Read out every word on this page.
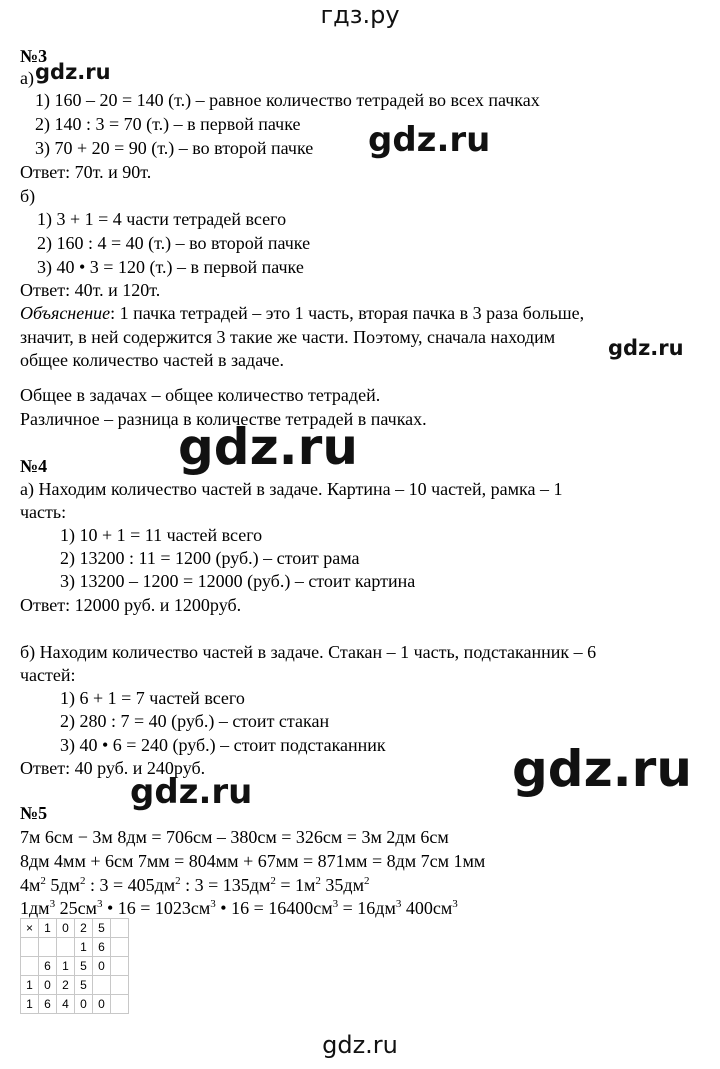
гдз.ру
№3
а) gdz.ru
1) 160 – 20 = 140 (т.) – равное количество тетрадей во всех пачках
2) 140 : 3 = 70 (т.) – в первой пачке
3) 70 + 20 = 90 (т.) – во второй пачке gdz.ru
Ответ: 70т. и 90т.
б)
1) 3 + 1 = 4 части тетрадей всего
2) 160 : 4 = 40 (т.) – во второй пачке
3) 40 • 3 = 120 (т.) – в первой пачке
Ответ: 40т. и 120т.
Объяснение: 1 пачка тетрадей – это 1 часть, вторая пачка в 3 раза больше,
значит, в ней содержится 3 такие же части. Поэтому, сначала находим
общее количество частей в задаче.	gdz.ru
Общее в задачах – общее количество тетрадей.
Различное – разница в количестве тетрадей в пачках.
gdz.ru
№4
а) Находим количество частей в задаче. Картина – 10 частей, рамка – 1
часть:
1) 10 + 1 = 11 частей всего
2) 13200 : 11 = 1200 (руб.) – стоит рама
3) 13200 – 1200 = 12000 (руб.) – стоит картина
Ответ: 12000 руб. и 1200руб.
б) Находим количество частей в задаче. Стакан – 1 часть, подстаканник – 6
частей:
1) 6 + 1 = 7 частей всего
2) 280 : 7 = 40 (руб.) – стоит стакан
3) 40 • 6 = 240 (руб.) – стоит подстаканник
Ответ: 40 руб. и 240руб.	gdz.ru
gdz.ru
№5
7м 6см − 3м 8дм = 706см – 380см = 326см = 3м 2дм 6см
8дм 4мм + 6см 7мм = 804мм + 67мм = 871мм = 8дм 7см 1мм
$4м^2$ $5дм^2$ : $3 = 405дм^2$ : $3 = 135дм^2 = 1м^2$ $35дм^2$
$1дм^3$ $25см^3$ • $16 = 1023см^3$ • $16 = 16400см^3 = 16дм^3$ $400см^3$
×	1	0	2	5	
			1	6	
	6	1	5	0	
1	0	2	5		
1	6	4	0	0	
gdz.ru
